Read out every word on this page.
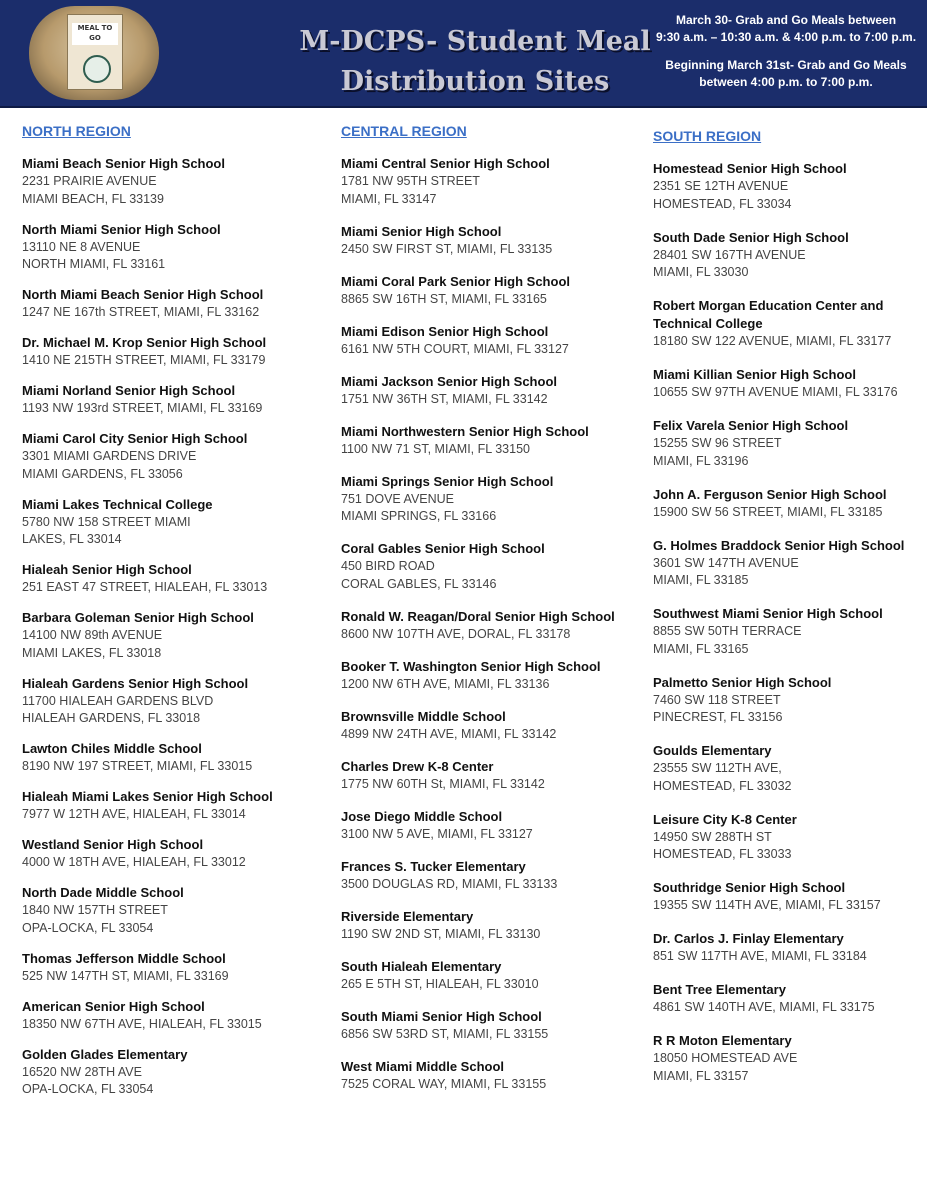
MEAL TO GO	M-DCPS- Student Meal
Distribution Sites

March 30- Grab and Go Meals between

9:30 a.m. – 10:30 a.m. & 4:00 p.m. to 7:00 p.m.

Beginning March 31st- Grab and Go Meals

between 4:00 p.m. to 7:00 p.m.

NORTH REGION
Miami Beach Senior High School
2231 PRAIRIE AVENUE
MIAMI BEACH, FL 33139
North Miami Senior High School
13110 NE 8 AVENUE
NORTH MIAMI, FL 33161
North Miami Beach Senior High School
1247 NE 167th STREET, MIAMI, FL 33162
Dr. Michael M. Krop Senior High School
1410 NE 215TH STREET, MIAMI, FL 33179
Miami Norland Senior High School
1193 NW 193rd STREET, MIAMI, FL 33169
Miami Carol City Senior High School
3301 MIAMI GARDENS DRIVE
MIAMI GARDENS, FL 33056
Miami Lakes Technical College
5780 NW 158 STREET MIAMI
LAKES, FL 33014
Hialeah Senior High School
251 EAST 47 STREET, HIALEAH, FL 33013
Barbara Goleman Senior High School
14100 NW 89th AVENUE
MIAMI LAKES, FL 33018
Hialeah Gardens Senior High School
11700 HIALEAH GARDENS BLVD
HIALEAH GARDENS, FL 33018
Lawton Chiles Middle School
8190 NW 197 STREET, MIAMI, FL 33015
Hialeah Miami Lakes Senior High School
7977 W 12TH AVE, HIALEAH, FL 33014
Westland Senior High School
4000 W 18TH AVE, HIALEAH, FL 33012
North Dade Middle School
1840 NW 157TH STREET
OPA-LOCKA, FL 33054
Thomas Jefferson Middle School
525 NW 147TH ST, MIAMI, FL 33169
American Senior High School
18350 NW 67TH AVE, HIALEAH, FL 33015
Golden Glades Elementary
16520 NW 28TH AVE
OPA-LOCKA, FL 33054
CENTRAL REGION
Miami Central Senior High School
1781 NW 95TH STREET
MIAMI, FL 33147
Miami Senior High School
2450 SW FIRST ST, MIAMI, FL 33135
Miami Coral Park Senior High School
8865 SW 16TH ST, MIAMI, FL 33165
Miami Edison Senior High School
6161 NW 5TH COURT, MIAMI, FL 33127
Miami Jackson Senior High School
1751 NW 36TH ST, MIAMI, FL 33142
Miami Northwestern Senior High School
1100 NW 71 ST, MIAMI, FL 33150
Miami Springs Senior High School
751 DOVE AVENUE
MIAMI SPRINGS, FL 33166
Coral Gables Senior High School
450 BIRD ROAD
CORAL GABLES, FL 33146
Ronald W. Reagan/Doral Senior High School
8600 NW 107TH AVE, DORAL, FL 33178
Booker T. Washington Senior High School
1200 NW 6TH AVE, MIAMI, FL 33136
Brownsville Middle School
4899 NW 24TH AVE, MIAMI, FL 33142
Charles Drew K-8 Center
1775 NW 60TH St, MIAMI, FL 33142
Jose Diego Middle School
3100 NW 5 AVE, MIAMI, FL 33127
Frances S. Tucker Elementary
3500 DOUGLAS RD, MIAMI, FL 33133
Riverside Elementary
1190 SW 2ND ST, MIAMI, FL 33130
South Hialeah Elementary
265 E 5TH ST, HIALEAH, FL 33010
South Miami Senior High School
6856 SW 53RD ST, MIAMI, FL 33155
West Miami Middle School
7525 CORAL WAY, MIAMI, FL 33155
SOUTH REGION
Homestead Senior High School
2351 SE 12TH AVENUE
HOMESTEAD, FL 33034
South Dade Senior High School
28401 SW 167TH AVENUE
MIAMI, FL 33030
Robert Morgan Education Center and Technical College
18180 SW 122 AVENUE, MIAMI, FL 33177
Miami Killian Senior High School
10655 SW 97TH AVENUE MIAMI, FL 33176
Felix Varela Senior High School
15255 SW 96 STREET
MIAMI, FL 33196
John A. Ferguson Senior High School
15900 SW 56 STREET, MIAMI, FL 33185
G. Holmes Braddock Senior High School
3601 SW 147TH AVENUE
MIAMI, FL 33185
Southwest Miami Senior High School
8855 SW 50TH TERRACE
MIAMI, FL 33165
Palmetto Senior High School
7460 SW 118 STREET
PINECREST, FL 33156
Goulds Elementary
23555 SW 112TH AVE,
HOMESTEAD, FL 33032
Leisure City K-8 Center
14950 SW 288TH ST
HOMESTEAD, FL 33033
Southridge Senior High School
19355 SW 114TH AVE, MIAMI, FL 33157
Dr. Carlos J. Finlay Elementary
851 SW 117TH AVE, MIAMI, FL 33184
Bent Tree Elementary
4861 SW 140TH AVE, MIAMI, FL 33175
R R Moton Elementary
18050 HOMESTEAD AVE
MIAMI, FL 33157
